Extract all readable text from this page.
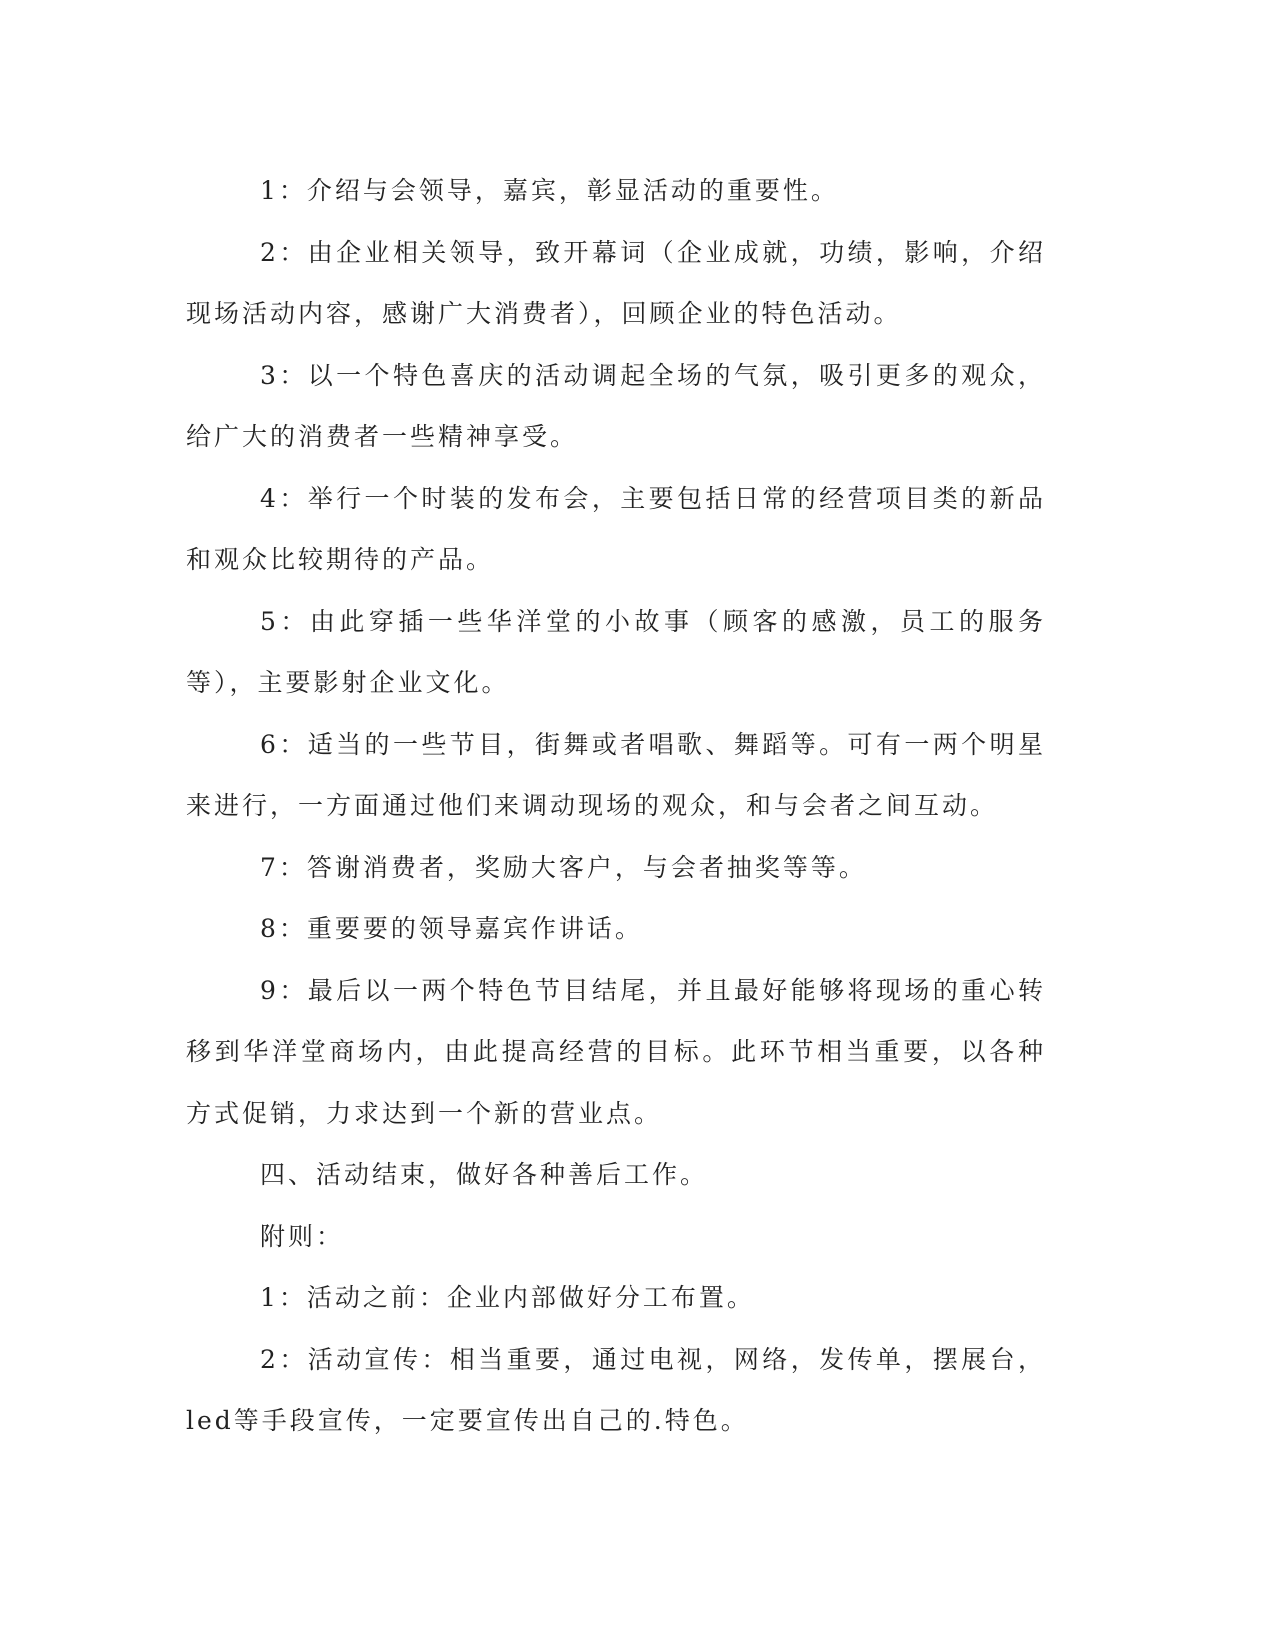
1：介绍与会领导，嘉宾，彰显活动的重要性。

2：由企业相关领导，致开幕词（企业成就，功绩，影响，介绍现场活动内容，感谢广大消费者），回顾企业的特色活动。

3：以一个特色喜庆的活动调起全场的气氛，吸引更多的观众，给广大的消费者一些精神享受。

4：举行一个时装的发布会，主要包括日常的经营项目类的新品和观众比较期待的产品。

5：由此穿插一些华洋堂的小故事（顾客的感激，员工的服务等），主要影射企业文化。

6：适当的一些节目，街舞或者唱歌、舞蹈等。可有一两个明星来进行，一方面通过他们来调动现场的观众，和与会者之间互动。

7：答谢消费者，奖励大客户，与会者抽奖等等。

8：重要要的领导嘉宾作讲话。

9：最后以一两个特色节目结尾，并且最好能够将现场的重心转移到华洋堂商场内，由此提高经营的目标。此环节相当重要，以各种方式促销，力求达到一个新的营业点。

四、活动结束，做好各种善后工作。

附则：

1：活动之前：企业内部做好分工布置。

2：活动宣传：相当重要，通过电视，网络，发传单，摆展台，led等手段宣传，一定要宣传出自己的.特色。
